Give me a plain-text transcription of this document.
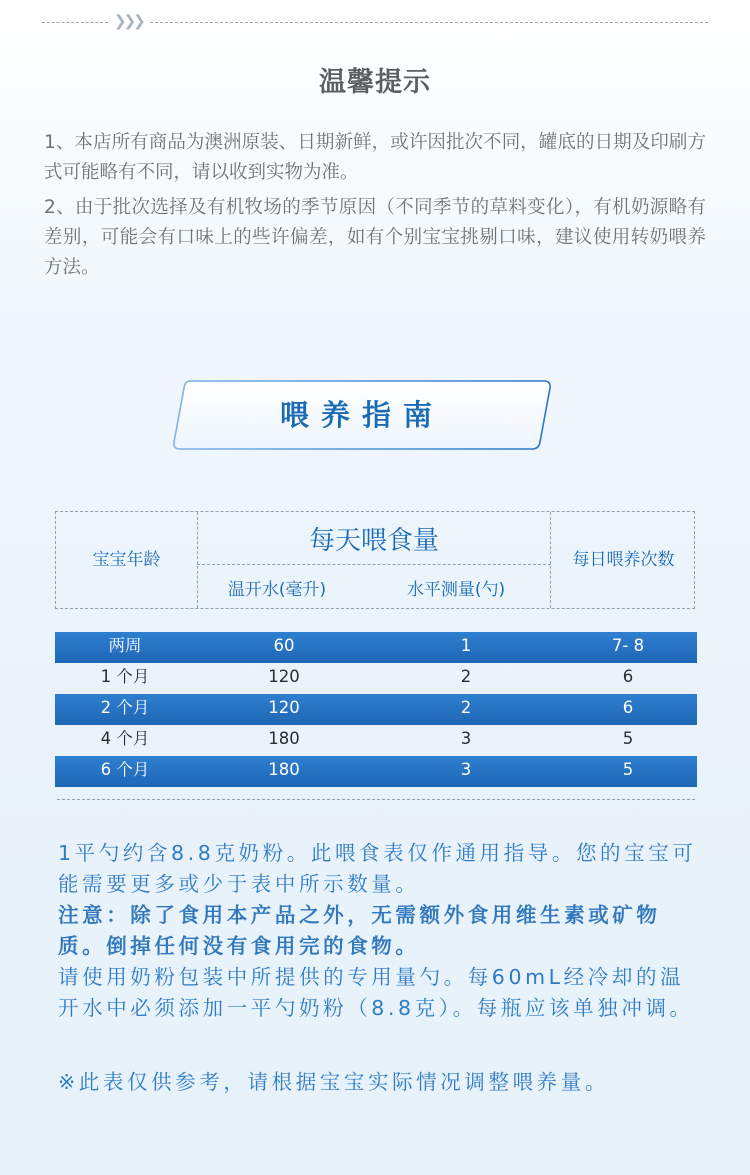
❯❯❯
温馨提示

1、本店所有商品为澳洲原装、日期新鲜，或许因批次不同，罐底的日期及印刷方式可能略有不同，请以收到实物为准。

2、由于批次选择及有机牧场的季节原因（不同季节的草料变化），有机奶源略有差别，可能会有口味上的些许偏差，如有个别宝宝挑剔口味，建议使用转奶喂养方法。

喂养指南
宝宝年龄
每天喂食量
温开水(毫升)	水平测量(勺)
每日喂养次数
两周	60	1	7- 8
1 个月	120	2	6
2 个月	120	2	6
4 个月	180	3	5
6 个月	180	3	5

1平勺约含8.8克奶粉。此喂食表仅作通用指导。您的宝宝可能需要更多或少于表中所示数量。
注意：除了食用本产品之外，无需额外食用维生素或矿物质。倒掉任何没有食用完的食物。
请使用奶粉包装中所提供的专用量勺。每60mL经冷却的温开水中必须添加一平勺奶粉（8.8克）。每瓶应该单独冲调。

※此表仅供参考，请根据宝宝实际情况调整喂养量。
